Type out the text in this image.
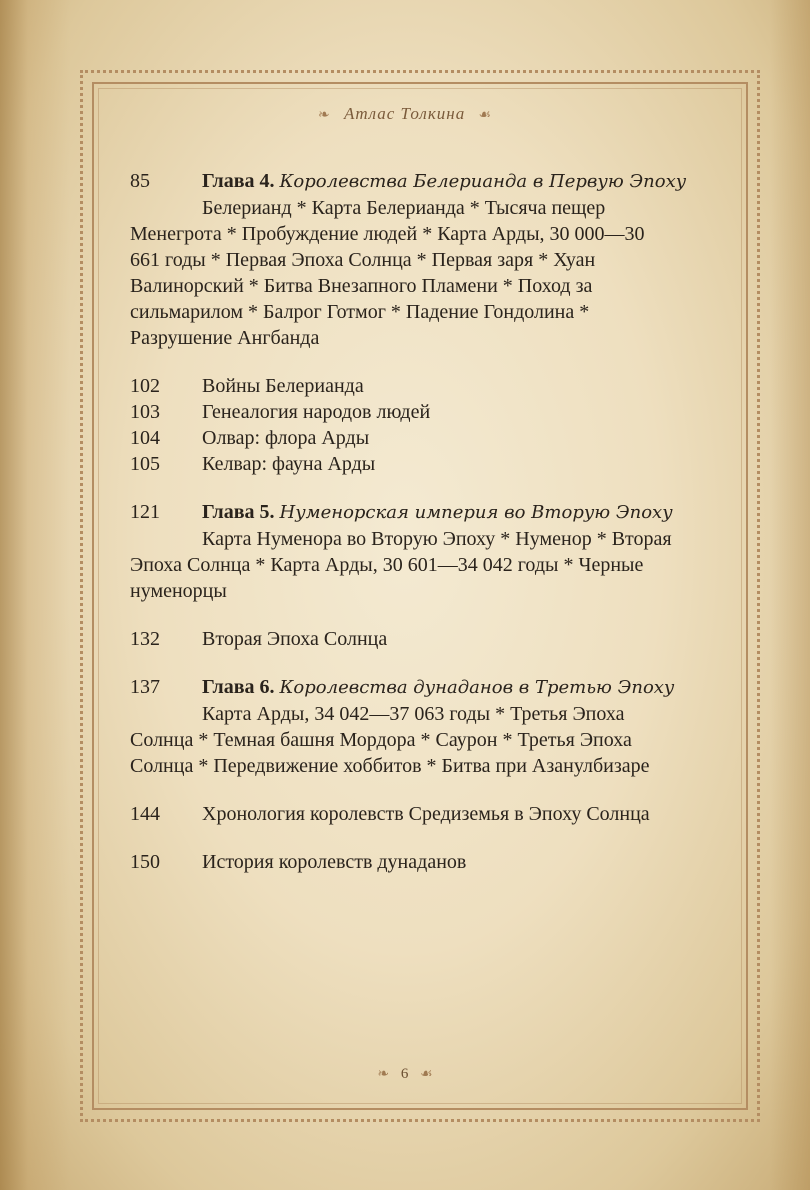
❧ Атлас Толкина ☙
85	Глава 4. Королевства Белерианда в Первую Эпоху

Белерианд * Карта Белерианда * Тысяча пещер Менегрота * Пробуждение людей * Карта Арды, 30 000—30 661 годы * Первая Эпоха Солнца * Первая заря * Хуан Валинорский * Битва Внезапного Пламени * Поход за сильмарилом * Балрог Готмог * Падение Гондолина * Разрушение Ангбанда

102 Войны Белерианда
103 Генеалогия народов людей
104 Олвар: флора Арды
105 Келвар: фауна Арды
121 Глава 5. Нуменорская империя во Вторую Эпоху

Карта Нуменора во Вторую Эпоху * Нуменор * Вторая Эпоха Солнца * Карта Арды, 30 601—34 042 годы * Черные нуменорцы

132 Вторая Эпоха Солнца

137 Глава 6. Королевства дунаданов в Третью Эпоху

Карта Арды, 34 042—37 063 годы * Третья Эпоха Солнца * Темная башня Мордора * Саурон * Третья Эпоха Солнца * Передвижение хоббитов * Битва при Азанулбизаре

144 Хронология королевств Средиземья в Эпоху Солнца

150 История королевств дунаданов

❧ 6 ☙
